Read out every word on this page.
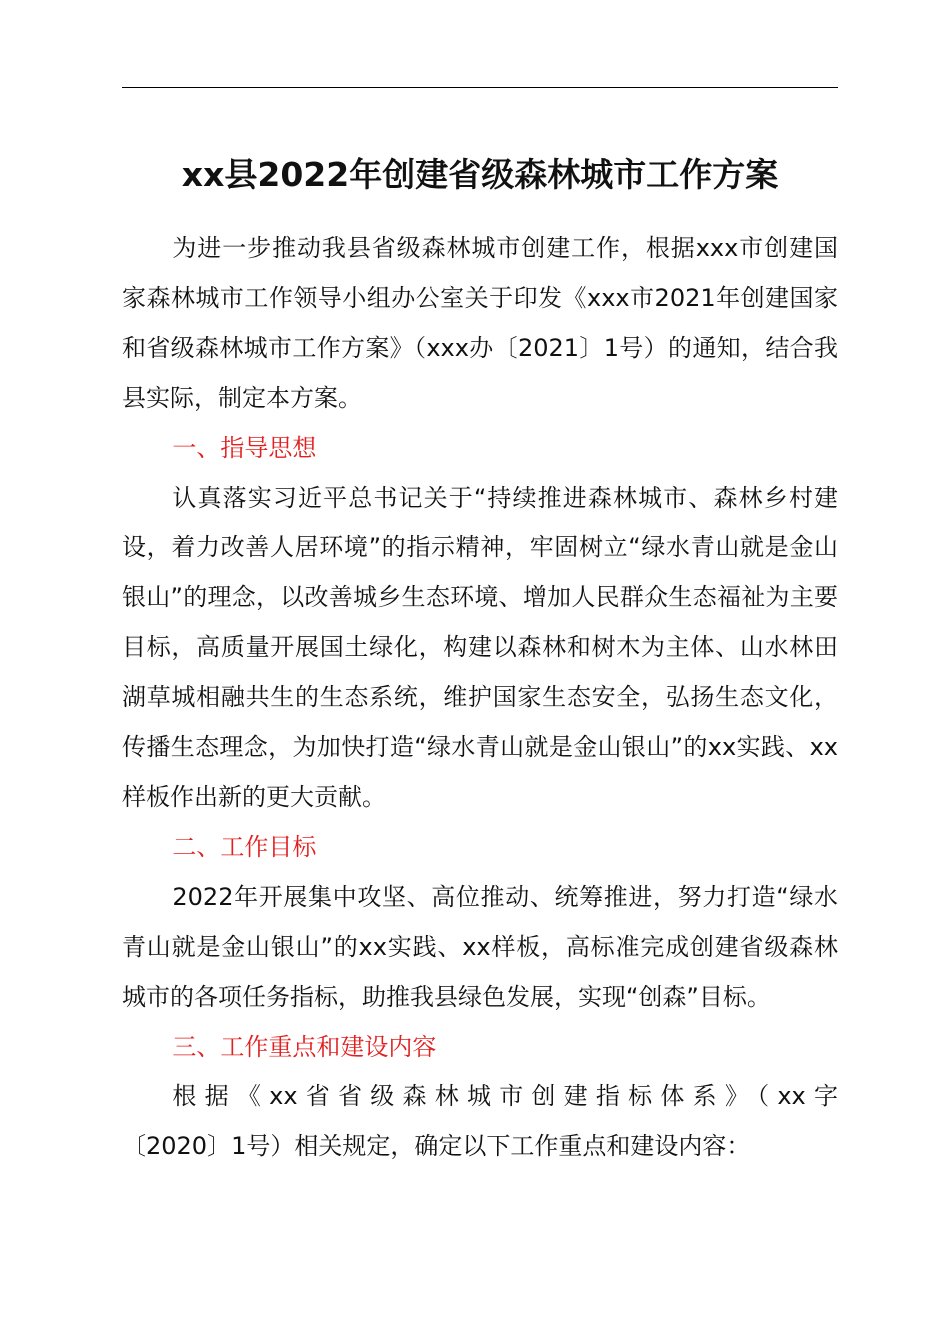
xx县2022年创建省级森林城市工作方案

为进一步推动我县省级森林城市创建工作，根据xxx市创建国家森林城市工作领导小组办公室关于印发《xxx市2021年创建国家和省级森林城市工作方案》（xxx办〔2021〕1号）的通知，结合我县实际，制定本方案。

一、指导思想

认真落实习近平总书记关于“持续推进森林城市、森林乡村建设，着力改善人居环境”的指示精神，牢固树立“绿水青山就是金山银山”的理念，以改善城乡生态环境、增加人民群众生态福祉为主要目标，高质量开展国土绿化，构建以森林和树木为主体、山水林田湖草城相融共生的生态系统，维护国家生态安全，弘扬生态文化，传播生态理念，为加快打造“绿水青山就是金山银山”的xx实践、xx样板作出新的更大贡献。

二、工作目标

2022年开展集中攻坚、高位推动、统筹推进，努力打造“绿水青山就是金山银山”的xx实践、xx样板，高标准完成创建省级森林城市的各项任务指标，助推我县绿色发展，实现“创森”目标。

三、工作重点和建设内容

根据《xx省省级森林城市创建指标体系》（xx字

〔2020〕1号）相关规定，确定以下工作重点和建设内容：
